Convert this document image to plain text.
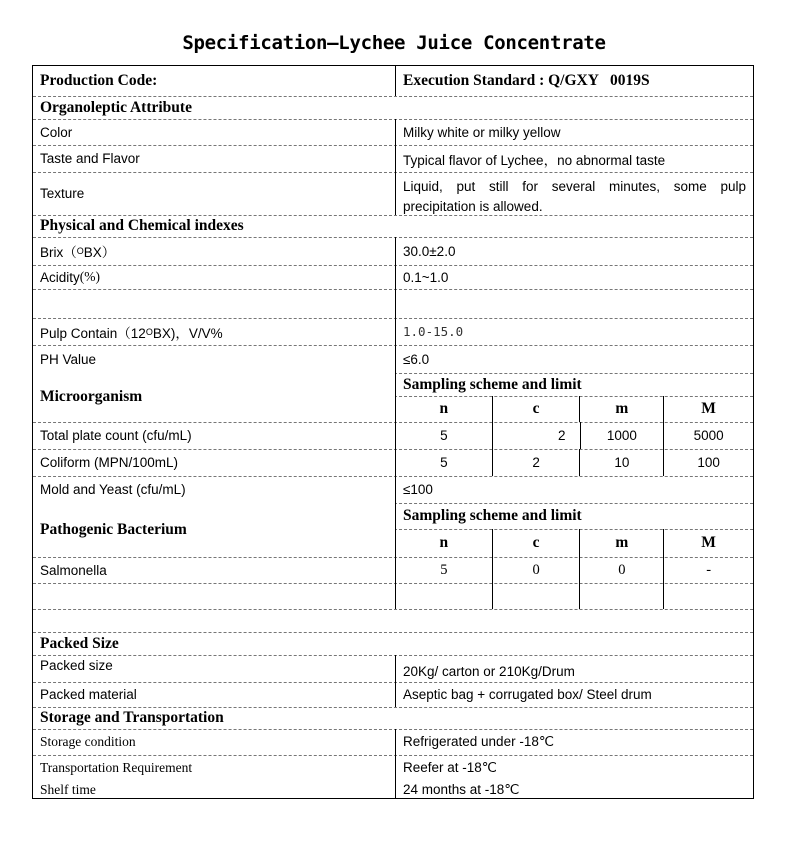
Specification—Lychee Juice Concentrate
Production Code:	Execution Standard : Q/GXY   0019S
Organoleptic Attribute
Color	Milky white or milky yellow
Taste and Flavor	Typical flavor of Lychee，no abnormal taste
Texture	Liquid, put still for several minutes, some pulp precipitation is allowed.
Physical and Chemical indexes
Brix（ O BX）	30.0±2.0
Acidity (%)	0.1~1.0
Pulp Contain（12 O BX)，V/V%	1.0-15.0
PH Value	≤6.0
Sampling scheme and limit
n	c	m	M
Microorganism
Total plate count (cfu/mL)	5	2	1000	5000
Coliform (MPN/100mL)	5	2	10	100
Mold and Yeast (cfu/mL)	≤100
Sampling scheme and limit
n	c	m	M
Pathogenic Bacterium
Salmonella	5	0	0	-
Packed Size
Packed size	20Kg/ carton or 210Kg/Drum
Packed material	Aseptic bag + corrugated box/ Steel drum
Storage and Transportation
Storage condition	Refrigerated under -18℃
Transportation Requirement	Reefer at -18℃
Shelf time	24 months at -18℃
